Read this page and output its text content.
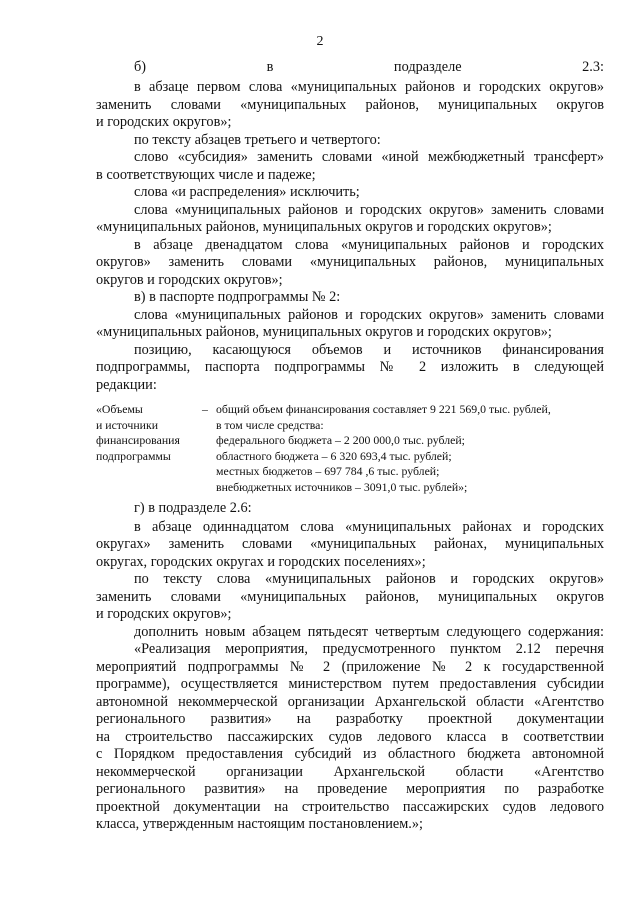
2
б) в подразделе 2.3:
в абзаце первом слова «муниципальных районов и городских округов»
заменить словами «муниципальных районов, муниципальных округов
и городских округов»;
по тексту абзацев третьего и четвертого:
слово «субсидия» заменить словами «иной межбюджетный трансферт»
в соответствующих числе и падеже;
слова «и распределения» исключить;
слова «муниципальных районов и городских округов» заменить словами
«муниципальных районов, муниципальных округов и городских округов»;
в абзаце двенадцатом слова «муниципальных районов и городских
округов» заменить словами «муниципальных районов, муниципальных
округов и городских округов»;
в) в паспорте подпрограммы № 2:
слова «муниципальных районов и городских округов» заменить словами
«муниципальных районов, муниципальных округов и городских округов»;
позицию, касающуюся объемов и источников финансирования
подпрограммы, паспорта подпрограммы № 2 изложить в следующей
редакции:
«Объемы
и источники
финансирования
подпрограммы
– общий объем финансирования составляет 9 221 569,0 тыс. рублей,
в том числе средства:
федерального бюджета – 2 200 000,0 тыс. рублей;
областного бюджета – 6 320 693,4 тыс. рублей;
местных бюджетов – 697 784 ,6 тыс. рублей;
внебюджетных источников – 3091,0 тыс. рублей»;
г) в подразделе 2.6:
в абзаце одиннадцатом слова «муниципальных районах и городских
округах» заменить словами «муниципальных районах, муниципальных
округах, городских округах и городских поселениях»;
по тексту слова «муниципальных районов и городских округов»
заменить словами «муниципальных районов, муниципальных округов
и городских округов»;
дополнить новым абзацем пятьдесят четвертым следующего содержания:
«Реализация мероприятия, предусмотренного пунктом 2.12 перечня
мероприятий подпрограммы № 2 (приложение № 2 к государственной
программе), осуществляется министерством путем предоставления субсидии
автономной некоммерческой организации Архангельской области «Агентство
регионального развития» на разработку проектной документации
на строительство пассажирских судов ледового класса в соответствии
с Порядком предоставления субсидий из областного бюджета автономной
некоммерческой организации Архангельской области «Агентство
регионального развития» на проведение мероприятия по разработке
проектной документации на строительство пассажирских судов ледового
класса, утвержденным настоящим постановлением.»;
